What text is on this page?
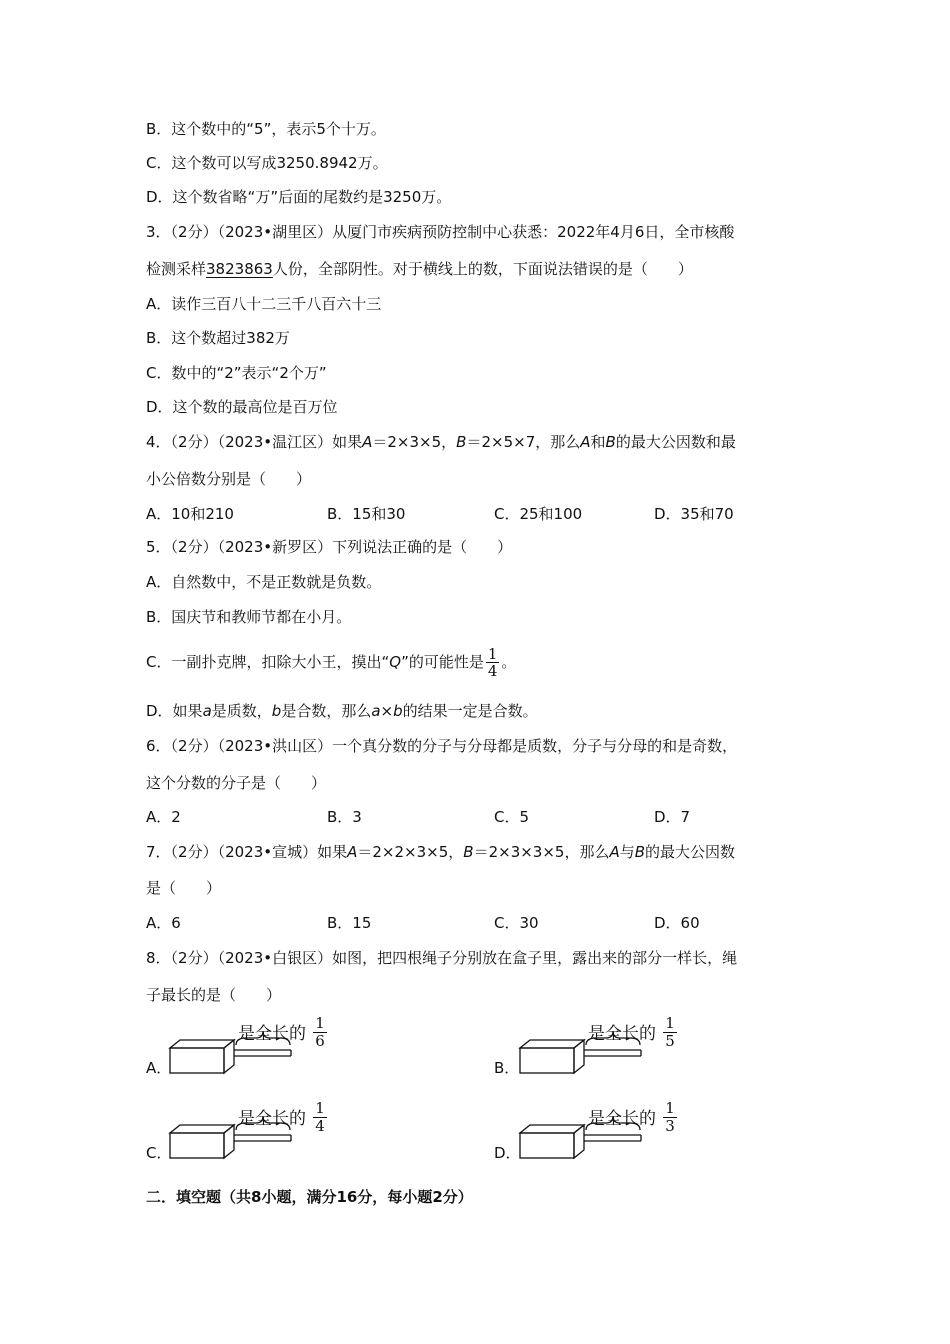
B．这个数中的“5”，表示5个十万。
C．这个数可以写成3250.8942万。
D．这个数省略“万”后面的尾数约是3250万。
3．（2分）（2023•湖里区）从厦门市疾病预防控制中心获悉：2022年4月6日，全市核酸
检测采样3823863人份，全部阴性。对于横线上的数，下面说法错误的是（　　）
A．读作三百八十二三千八百六十三
B．这个数超过382万
C．数中的“2”表示“2个万”
D．这个数的最高位是百万位
4．（2分）（2023•温江区）如果A＝2×3×5，B＝2×5×7，那么A和B的最大公因数和最
小公倍数分别是（　　）
A．10和210	B．15和30	C．25和100	D．35和70
5．（2分）（2023•新罗区）下列说法正确的是（　　）
A．自然数中，不是正数就是负数。
B．国庆节和教师节都在小月。
C．一副扑克牌，扣除大小王，摸出“Q”的可能性是 $\frac{1}{4}$ 。
D．如果a是质数，b是合数，那么a×b的结果一定是合数。
6．（2分）（2023•洪山区）一个真分数的分子与分母都是质数，分子与分母的和是奇数，
这个分数的分子是（　　）
A．2	B．3	C．5	D．7
7．（2分）（2023•宣城）如果A＝2×2×3×5，B＝2×3×3×5，那么A与B的最大公因数
是（　　）
A．6	B．15	C．30	D．60
8．（2分）（2023•白银区）如图，把四根绳子分别放在盒子里，露出来的部分一样长，绳
子最长的是（　　）
A．
是全长的 $\frac{1}{6}$
B．
是全长的 $\frac{1}{5}$
C．
是全长的 $\frac{1}{4}$
D．
是全长的 $\frac{1}{3}$
二．填空题（共8小题，满分16分，每小题2分）
